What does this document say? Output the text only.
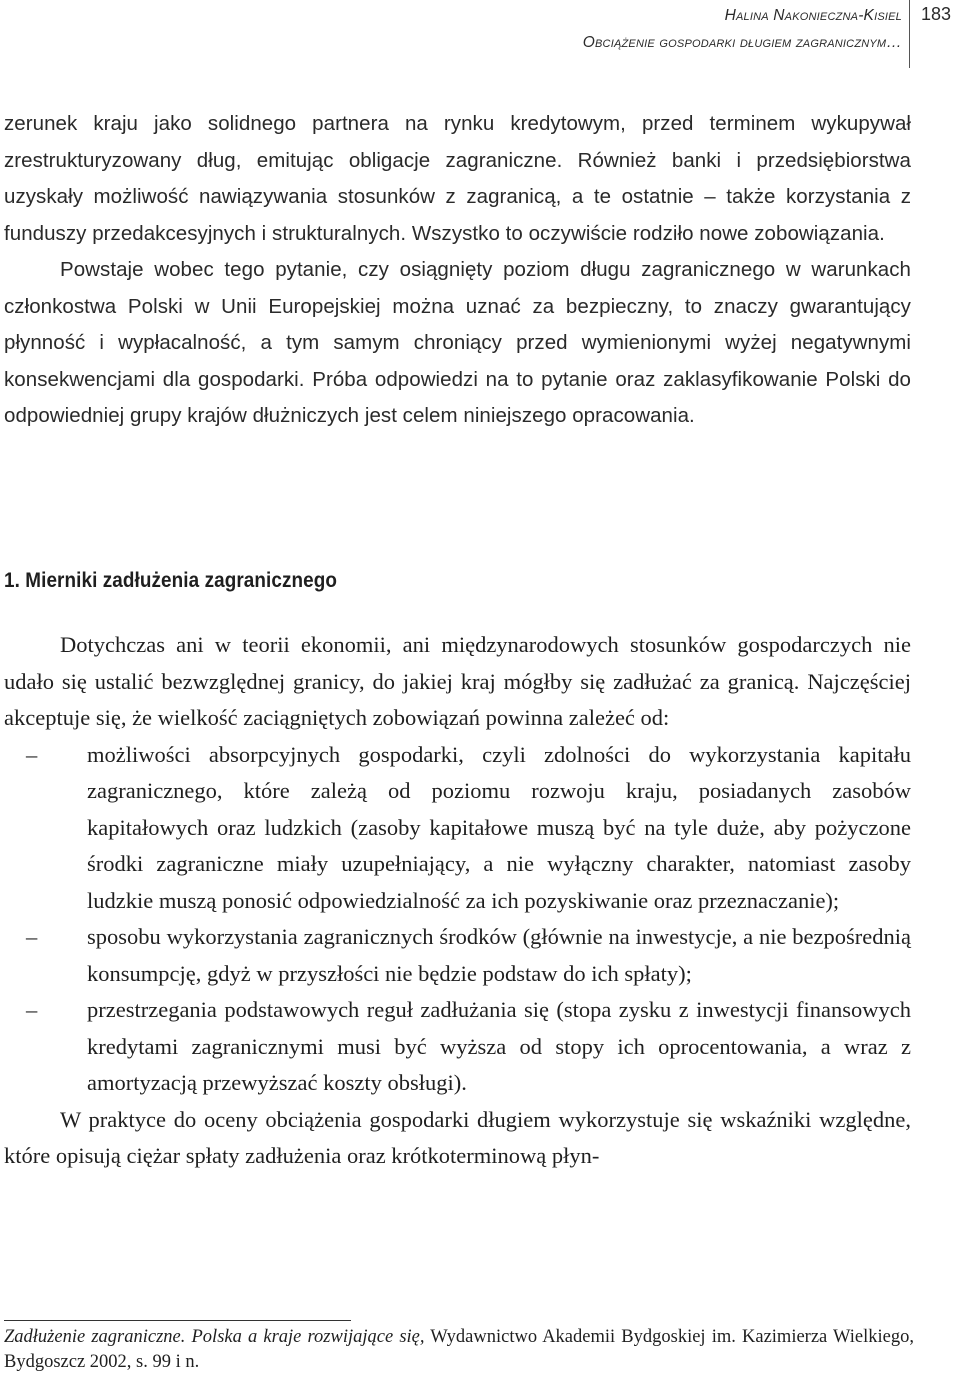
Halina Nakonieczna-Kisiel
Obciążenie gospodarki długiem zagranicznym…
183

zerunek kraju jako solidnego partnera na rynku kredytowym, przed terminem wykupywał zrestrukturyzowany dług, emitując obligacje zagraniczne. Również banki i przedsiębiorstwa uzyskały możliwość nawiązywania stosunków z zagranicą, a te ostatnie – także korzystania z funduszy przedakcesyjnych i strukturalnych. Wszystko to oczywiście rodziło nowe zobowiązania.

Powstaje wobec tego pytanie, czy osiągnięty poziom długu zagranicznego w warunkach członkostwa Polski w Unii Europejskiej można uznać za bezpieczny, to znaczy gwarantujący płynność i wypłacalność, a tym samym chroniący przed wymienionymi wyżej negatywnymi konsekwencjami dla gospodarki. Próba odpowiedzi na to pytanie oraz zaklasyfikowanie Polski do odpowiedniej grupy krajów dłużniczych jest celem niniejszego opracowania.

1. Mierniki zadłużenia zagranicznego

Dotychczas ani w teorii ekonomii, ani międzynarodowych stosunków gospodarczych nie udało się ustalić bezwzględnej granicy, do jakiej kraj mógłby się zadłużać za granicą. Najczęściej akceptuje się, że wielkość zaciągniętych zobowiązań powinna zależeć od:

–	możliwości absorpcyjnych gospodarki, czyli zdolności do wykorzystania kapitału zagranicznego, które zależą od poziomu rozwoju kraju, posiadanych zasobów kapitałowych oraz ludzkich (zasoby kapitałowe muszą być na tyle duże, aby pożyczone środki zagraniczne miały uzupełniający, a nie wyłączny charakter, natomiast zasoby ludzkie muszą ponosić odpowiedzialność za ich pozyskiwanie oraz przeznaczanie);
–	sposobu wykorzystania zagranicznych środków (głównie na inwestycje, a nie bezpośrednią konsumpcję, gdyż w przyszłości nie będzie podstaw do ich spłaty);
–	przestrzegania podstawowych reguł zadłużania się (stopa zysku z inwestycji finansowych kredytami zagranicznymi musi być wyższa od stopy ich oprocentowania, a wraz z amortyzacją przewyższać koszty obsługi).

W praktyce do oceny obciążenia gospodarki długiem wykorzystuje się wskaźniki względne, które opisują ciężar spłaty zadłużenia oraz krótkoterminową płyn-

Zadłużenie zagraniczne. Polska a kraje rozwijające się, Wydawnictwo Akademii Bydgoskiej im. Kazimierza Wielkiego, Bydgoszcz 2002, s. 99 i n.
